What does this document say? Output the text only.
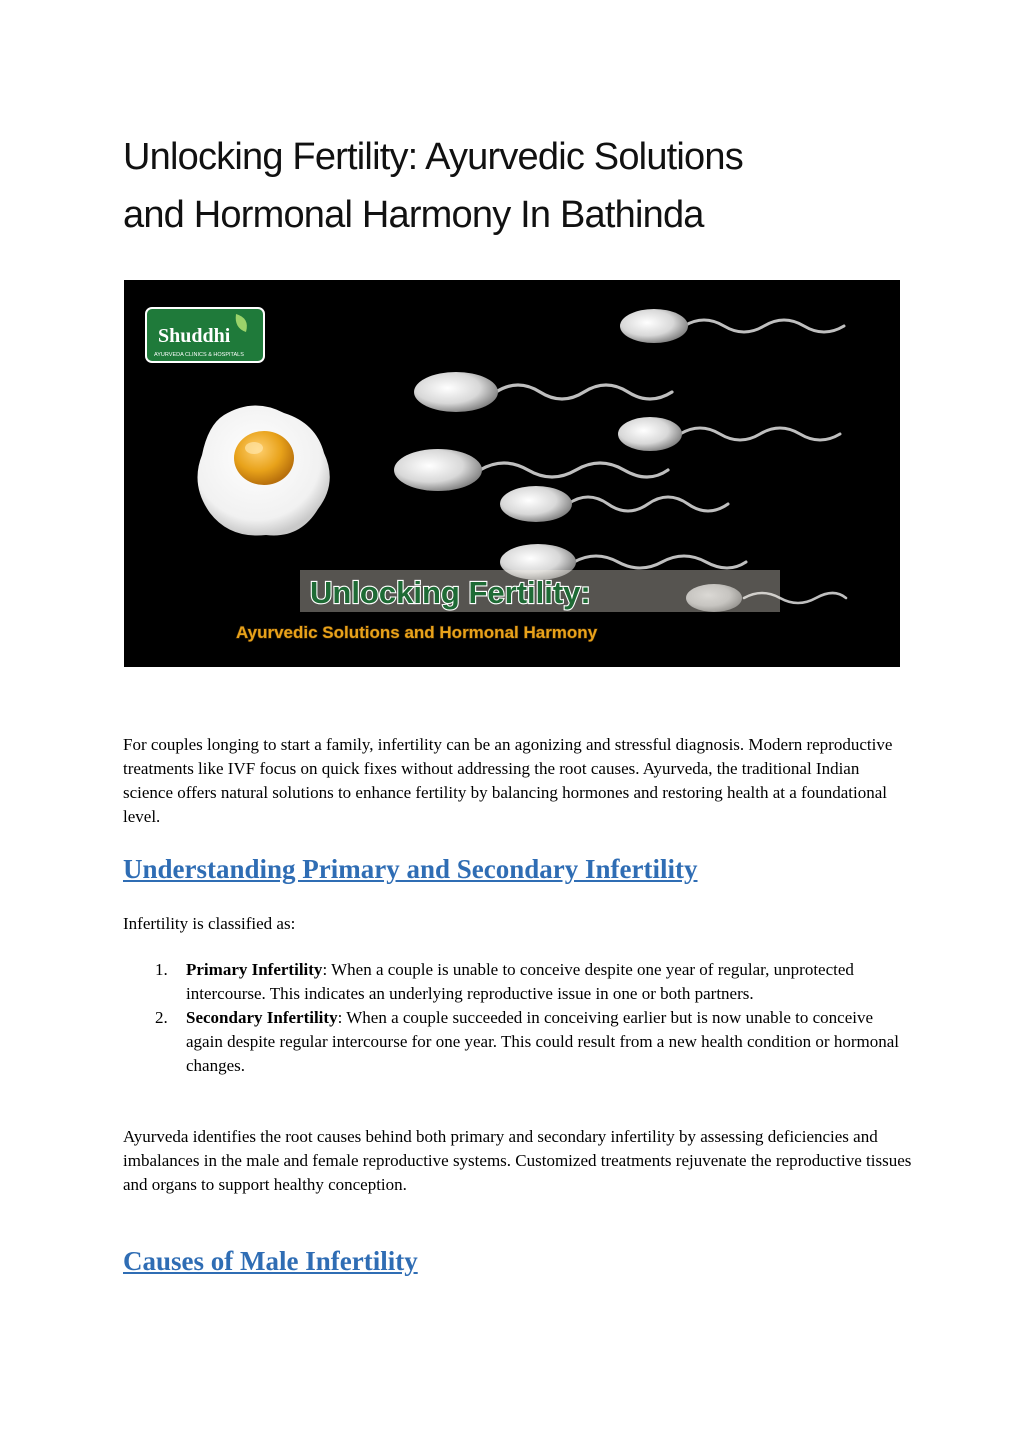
Unlocking Fertility: Ayurvedic Solutions
and Hormonal Harmony In Bathinda
Shuddhi
AYURVEDA CLINICS & HOSPITALS
Unlocking Fertility:
Ayurvedic Solutions and Hormonal Harmony

For couples longing to start a family, infertility can be an agonizing and stressful diagnosis. Modern reproductive treatments like IVF focus on quick fixes without addressing the root causes. Ayurveda, the traditional Indian science offers natural solutions to enhance fertility by balancing hormones and restoring health at a foundational level.

Understanding Primary and Secondary Infertility

Infertility is classified as:

1. Primary Infertility: When a couple is unable to conceive despite one year of regular, unprotected intercourse. This indicates an underlying reproductive issue in one or both partners.
2. Secondary Infertility: When a couple succeeded in conceiving earlier but is now unable to conceive again despite regular intercourse for one year. This could result from a new health condition or hormonal changes.

Ayurveda identifies the root causes behind both primary and secondary infertility by assessing deficiencies and imbalances in the male and female reproductive systems. Customized treatments rejuvenate the reproductive tissues and organs to support healthy conception.

Causes of Male Infertility
